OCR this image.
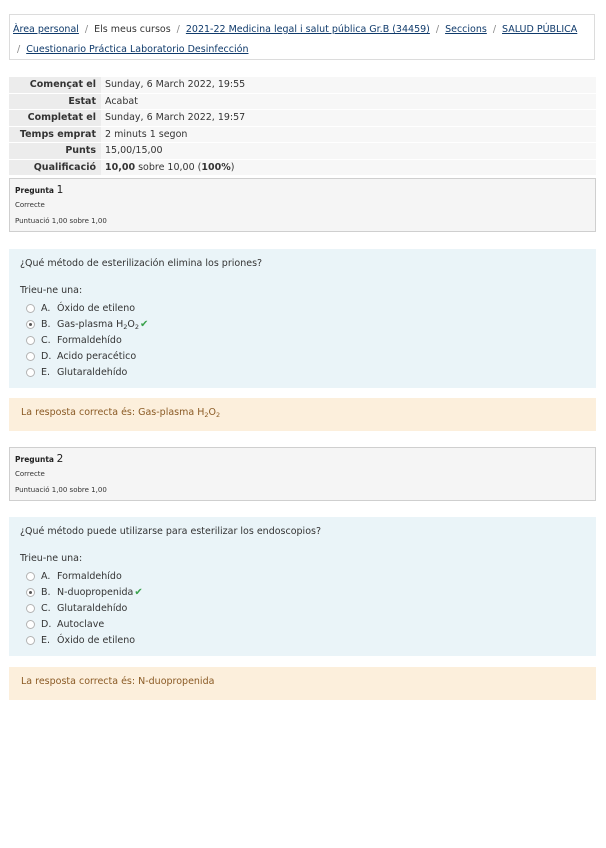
Àrea personal / Els meus cursos / 2021-22 Medicina legal i salut pública Gr.B (34459) / Seccions / SALUD PÚBLICA
/ Cuestionario Práctica Laboratorio Desinfección
Començat el	Sunday, 6 March 2022, 19:55
Estat	Acabat
Completat el	Sunday, 6 March 2022, 19:57
Temps emprat	2 minuts 1 segon
Punts	15,00/15,00
Qualificació	10,00 sobre 10,00 (100%)
Pregunta 1
Correcte
Puntuació 1,00 sobre 1,00
¿Qué método de esterilización elimina los priones?
Trieu-ne una:
A. Óxido de etileno
B. Gas-plasma $H_2O_2$ ✔
C. Formaldehído
D. Acido peracético
E. Glutaraldehído
La resposta correcta és: Gas-plasma $H_2O_2$
Pregunta 2
Correcte
Puntuació 1,00 sobre 1,00
¿Qué método puede utilizarse para esterilizar los endoscopios?
Trieu-ne una:
A. Formaldehído
B. N-duopropenida ✔
C. Glutaraldehído
D. Autoclave
E. Óxido de etileno
La resposta correcta és: N-duopropenida
